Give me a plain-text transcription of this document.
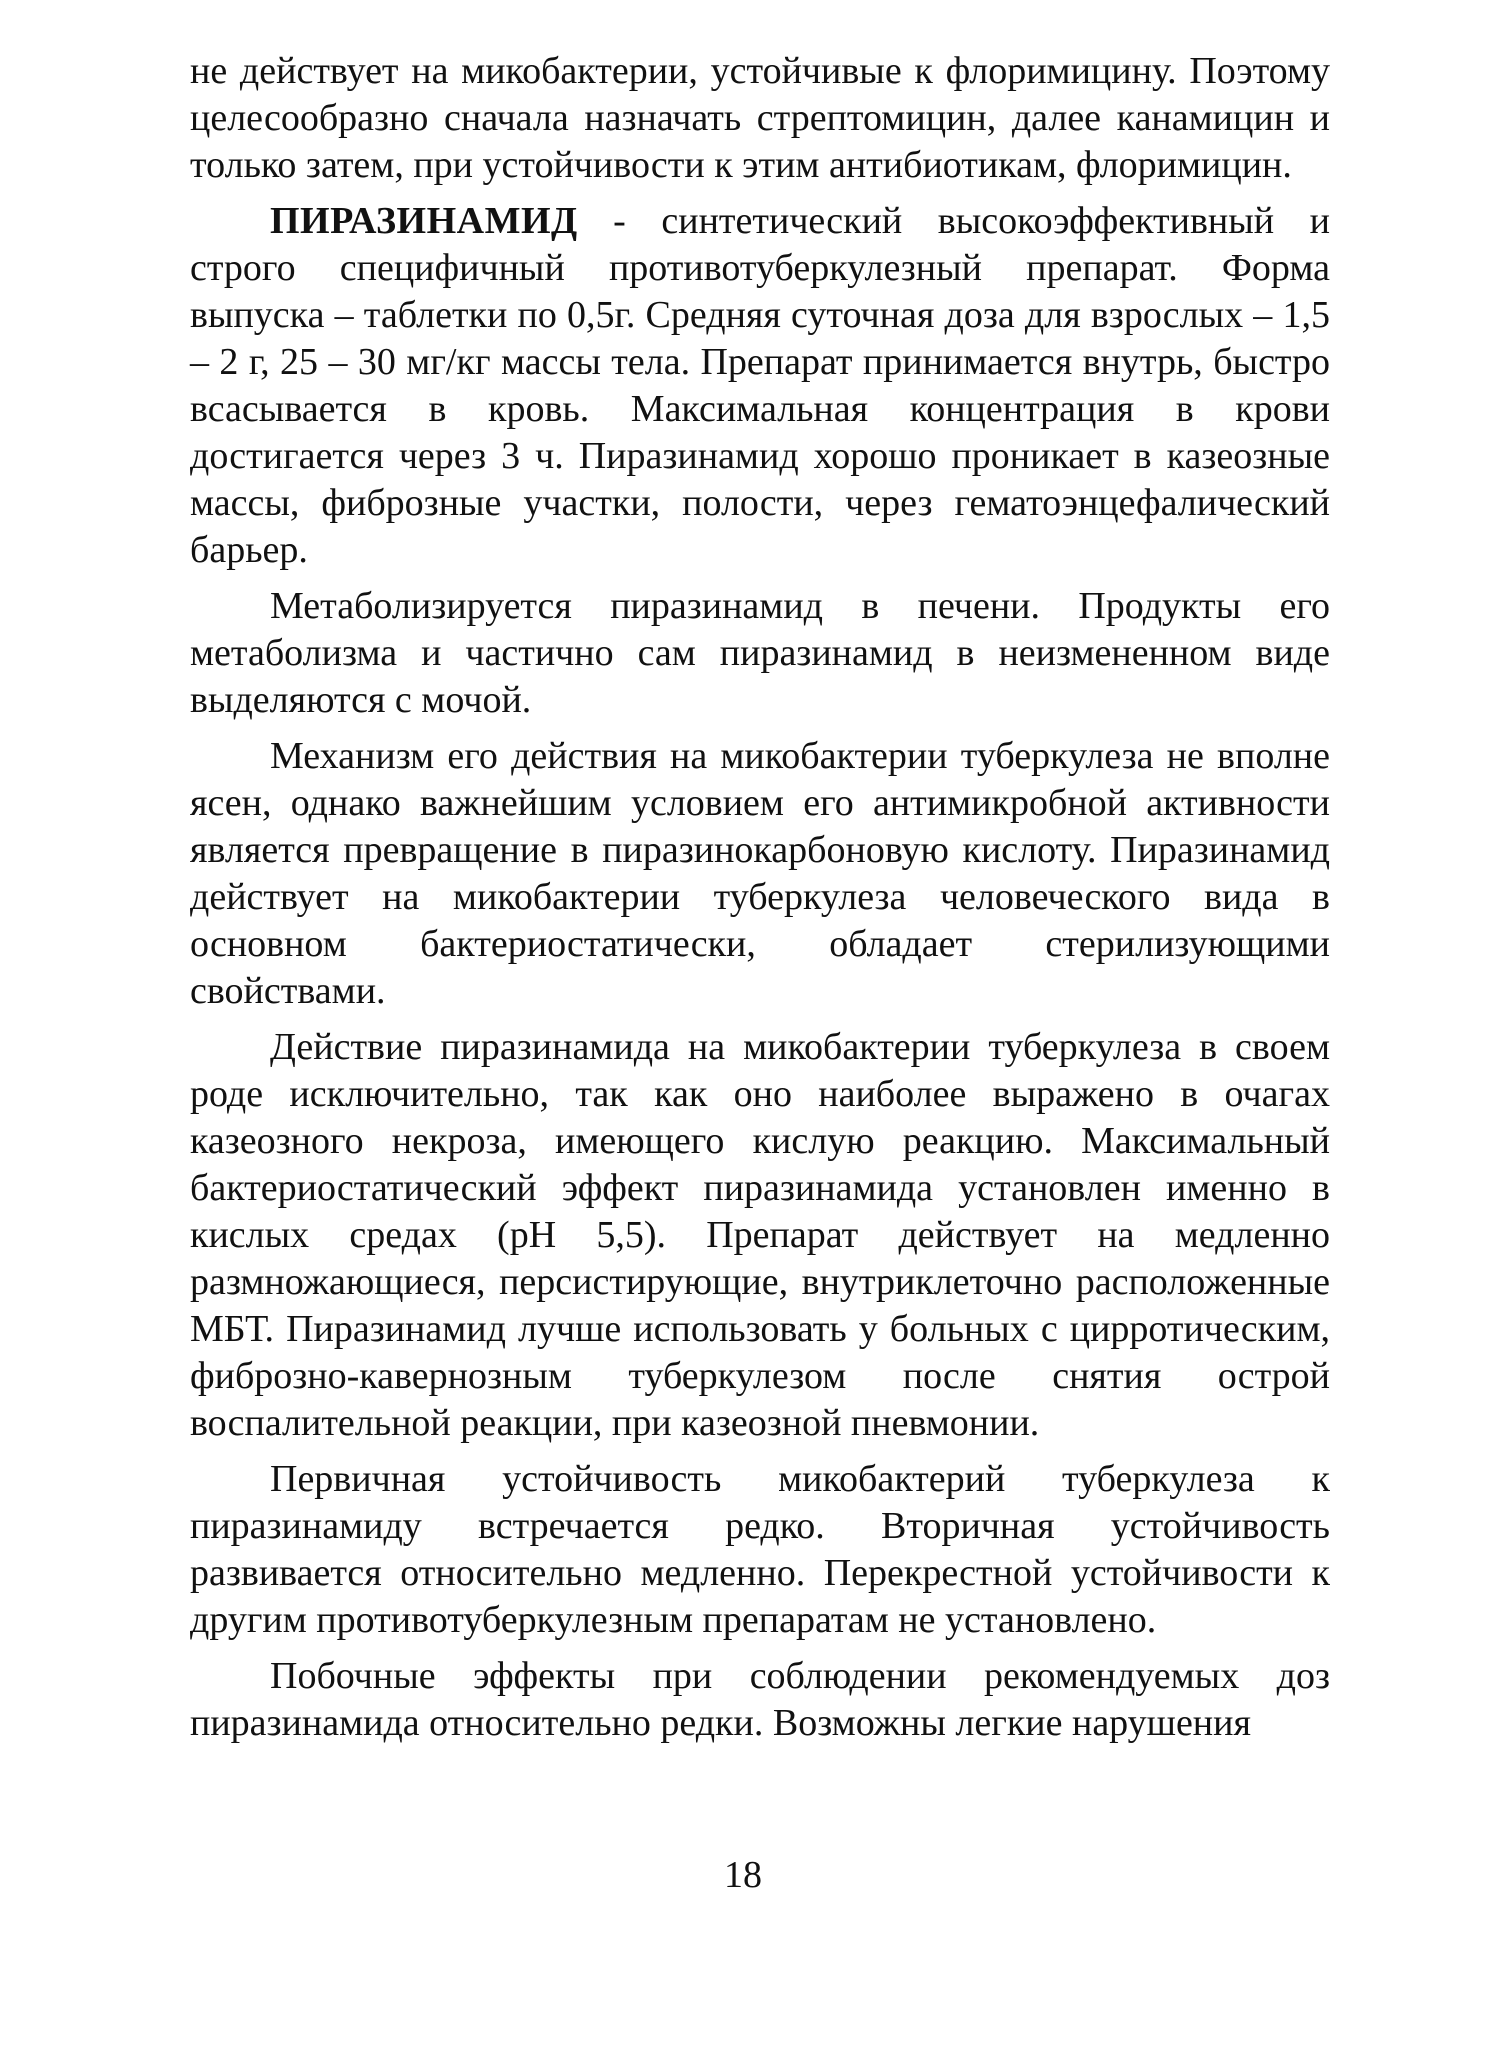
не действует на микобактерии, устойчивые к флоримицину. Поэтому целесообразно сначала назначать стрептомицин, далее канамицин и только затем, при устойчивости к этим антибиотикам, флоримицин.

ПИРАЗИНАМИД - синтетический высокоэффективный и строго специфичный противотуберкулезный препарат. Форма выпуска – таблетки по 0,5г. Средняя суточная доза для взрослых – 1,5 – 2 г, 25 – 30 мг/кг массы тела. Препарат принимается внутрь, быстро всасывается в кровь. Максимальная концентрация в крови достигается через 3 ч. Пиразинамид хорошо проникает в казеозные массы, фиброзные участки, полости, через гематоэнцефалический барьер.

Метаболизируется пиразинамид в печени. Продукты его метаболизма и частично сам пиразинамид в неизмененном виде выделяются с мочой.

Механизм его действия на микобактерии туберкулеза не вполне ясен, однако важнейшим условием его антимикробной активности является превращение в пиразинокарбоновую кислоту. Пиразинамид действует на микобактерии туберкулеза человеческого вида в основном бактериостатически, обладает стерилизующими свойствами.

Действие пиразинамида на микобактерии туберкулеза в своем роде исключительно, так как оно наиболее выражено в очагах казеозного некроза, имеющего кислую реакцию. Максимальный бактериостатический эффект пиразинамида установлен именно в кислых средах (рН 5,5). Препарат действует на медленно размножающиеся, персистирующие, внутриклеточно расположенные МБТ. Пиразинамид лучше использовать у больных с цирротическим, фиброзно-кавернозным туберкулезом после снятия острой воспалительной реакции, при казеозной пневмонии.

Первичная устойчивость микобактерий туберкулеза к пиразинамиду встречается редко. Вторичная устойчивость развивается относительно медленно. Перекрестной устойчивости к другим противотуберкулезным препаратам не установлено.

Побочные эффекты при соблюдении рекомендуемых доз пиразинамида относительно редки. Возможны легкие нарушения

18
